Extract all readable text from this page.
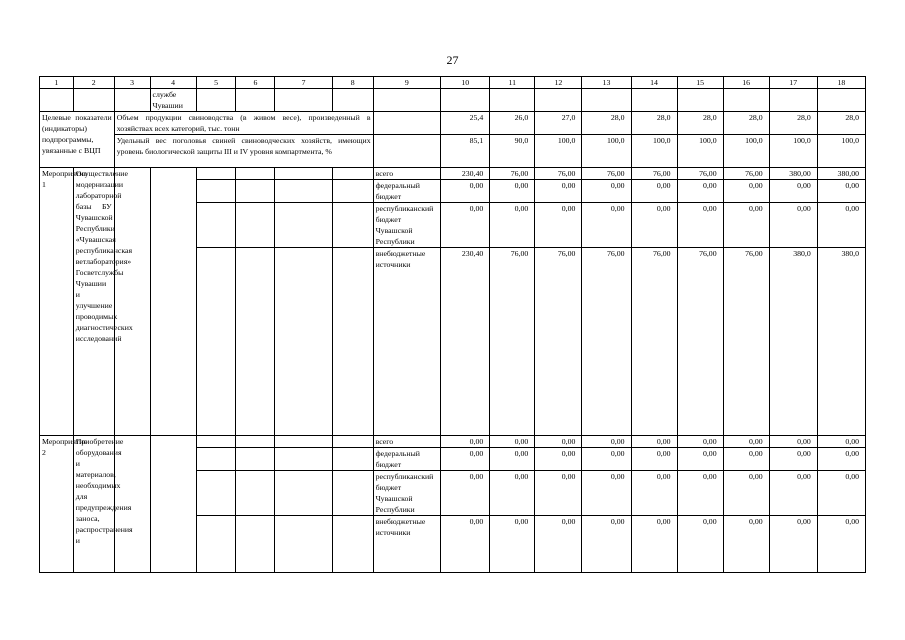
27
1	2	3	4	5	6	7	8	9	10	11	12	13	14	15	16	17	18
			службе Чувашии														
Целевые показатели (индикаторы) подпрограммы, увязанные с ВЦП		Объем продукции свиноводства (в живом весе), произведенный в хозяйствах всех категорий, тыс. тонн							25,4	26,0	27,0	28,0	28,0	28,0	28,0	28,0	28,0
		Удельный вес поголовья свиней свиноводческих хозяйств, имеющих уровень биологической защиты III и IV уровня компартмента, %							85,1	90,0	100,0	100,0	100,0	100,0	100,0	100,0	100,0
Мероприятие 1	Осуществление модернизации лабораторной базы БУ Чувашской Республики «Чувашская республиканская ветлаборатория» Госветслужбы Чувашии и улучшение проводимых диагностических исследований							всего	230,40	76,00	76,00	76,00	76,00	76,00	76,00	380,00	380,00
								федеральный бюджет	0,00	0,00	0,00	0,00	0,00	0,00	0,00	0,00	0,00
								республиканский бюджет Чувашской Республики	0,00	0,00	0,00	0,00	0,00	0,00	0,00	0,00	0,00
								внебюджетные источники	230,40	76,00	76,00	76,00	76,00	76,00	76,00	380,0	380,0
Мероприятие 2	Приобретение оборудования и материалов, необходимых для предупреждения заноса, распространения и							всего	0,00	0,00	0,00	0,00	0,00	0,00	0,00	0,00	0,00
								федеральный бюджет	0,00	0,00	0,00	0,00	0,00	0,00	0,00	0,00	0,00
								республиканский бюджет Чувашской Республики	0,00	0,00	0,00	0,00	0,00	0,00	0,00	0,00	0,00
								внебюджетные источники	0,00	0,00	0,00	0,00	0,00	0,00	0,00	0,00	0,00
